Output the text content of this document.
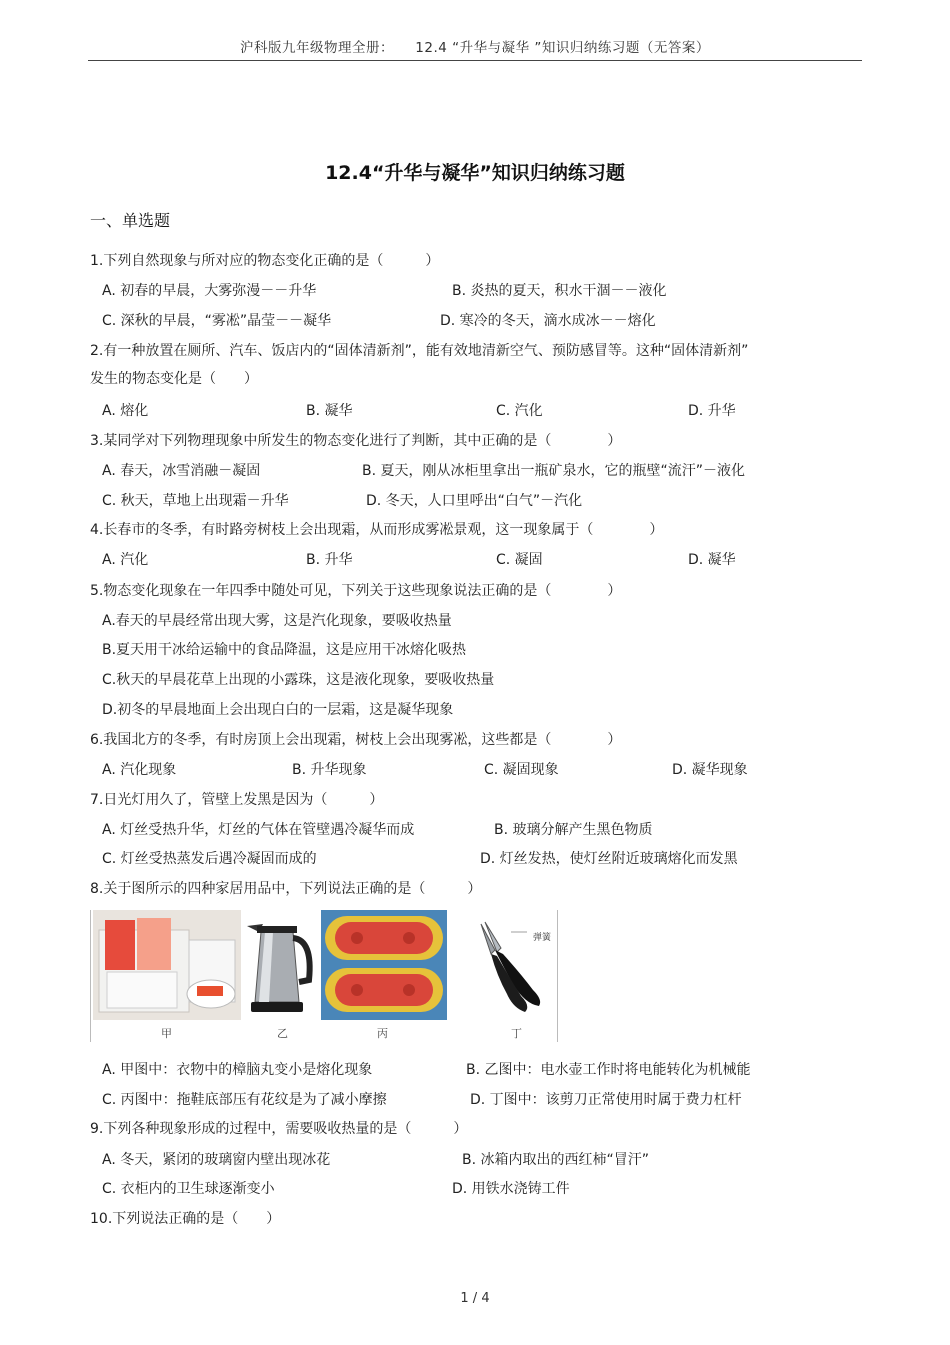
沪科版九年级物理全册：　　12.4 “升华与凝华 ”知识归纳练习题（无答案）
12.4“升华与凝华”知识归纳练习题
一、单选题
1.下列自然现象与所对应的物态变化正确的是（　　　）
A. 初春的早晨，大雾弥漫－－升华	B. 炎热的夏天，积水干涸－－液化
C. 深秋的早晨，“雾凇”晶莹－－凝华	D. 寒冷的冬天，滴水成冰－－熔化
2.有一种放置在厕所、汽车、饭店内的“固体清新剂”，能有效地清新空气、预防感冒等。这种“固体清新剂”
发生的物态变化是（　　）
A. 熔化	B. 凝华	C. 汽化	D. 升华
3.某同学对下列物理现象中所发生的物态变化进行了判断，其中正确的是（　　　　）
A. 春天，冰雪消融－凝固	B. 夏天，刚从冰柜里拿出一瓶矿泉水，它的瓶壁“流汗”－液化
C. 秋天，草地上出现霜－升华	D. 冬天，人口里呼出“白气”－汽化
4.长春市的冬季，有时路旁树枝上会出现霜，从而形成雾凇景观，这一现象属于（　　　　）
A. 汽化	B. 升华	C. 凝固	D. 凝华
5.物态变化现象在一年四季中随处可见，下列关于这些现象说法正确的是（　　　　）
A.春天的早晨经常出现大雾，这是汽化现象，要吸收热量
B.夏天用干冰给运输中的食品降温，这是应用干冰熔化吸热
C.秋天的早晨花草上出现的小露珠，这是液化现象，要吸收热量
D.初冬的早晨地面上会出现白白的一层霜，这是凝华现象
6.我国北方的冬季，有时房顶上会出现霜，树枝上会出现雾凇，这些都是（　　　　）
A. 汽化现象	B. 升华现象	C. 凝固现象	D. 凝华现象
7.日光灯用久了，管壁上发黑是因为（　　　）
A. 灯丝受热升华，灯丝的气体在管壁遇冷凝华而成	B. 玻璃分解产生黑色物质
C. 灯丝受热蒸发后遇冷凝固而成的	D. 灯丝发热，使灯丝附近玻璃熔化而发黑
8.关于图所示的四种家居用品中，下列说法正确的是（　　　）
甲	乙	丙
弹簧
丁
A. 甲图中：衣物中的樟脑丸变小是熔化现象	B. 乙图中：电水壶工作时将电能转化为机械能
C. 丙图中：拖鞋底部压有花纹是为了减小摩擦	D. 丁图中：该剪刀正常使用时属于费力杠杆
9.下列各种现象形成的过程中，需要吸收热量的是（　　　）
A. 冬天，紧闭的玻璃窗内壁出现冰花	B. 冰箱内取出的西红柿“冒汗”
C. 衣柜内的卫生球逐渐变小	D. 用铁水浇铸工件
10.下列说法正确的是（　　）
1 / 4
